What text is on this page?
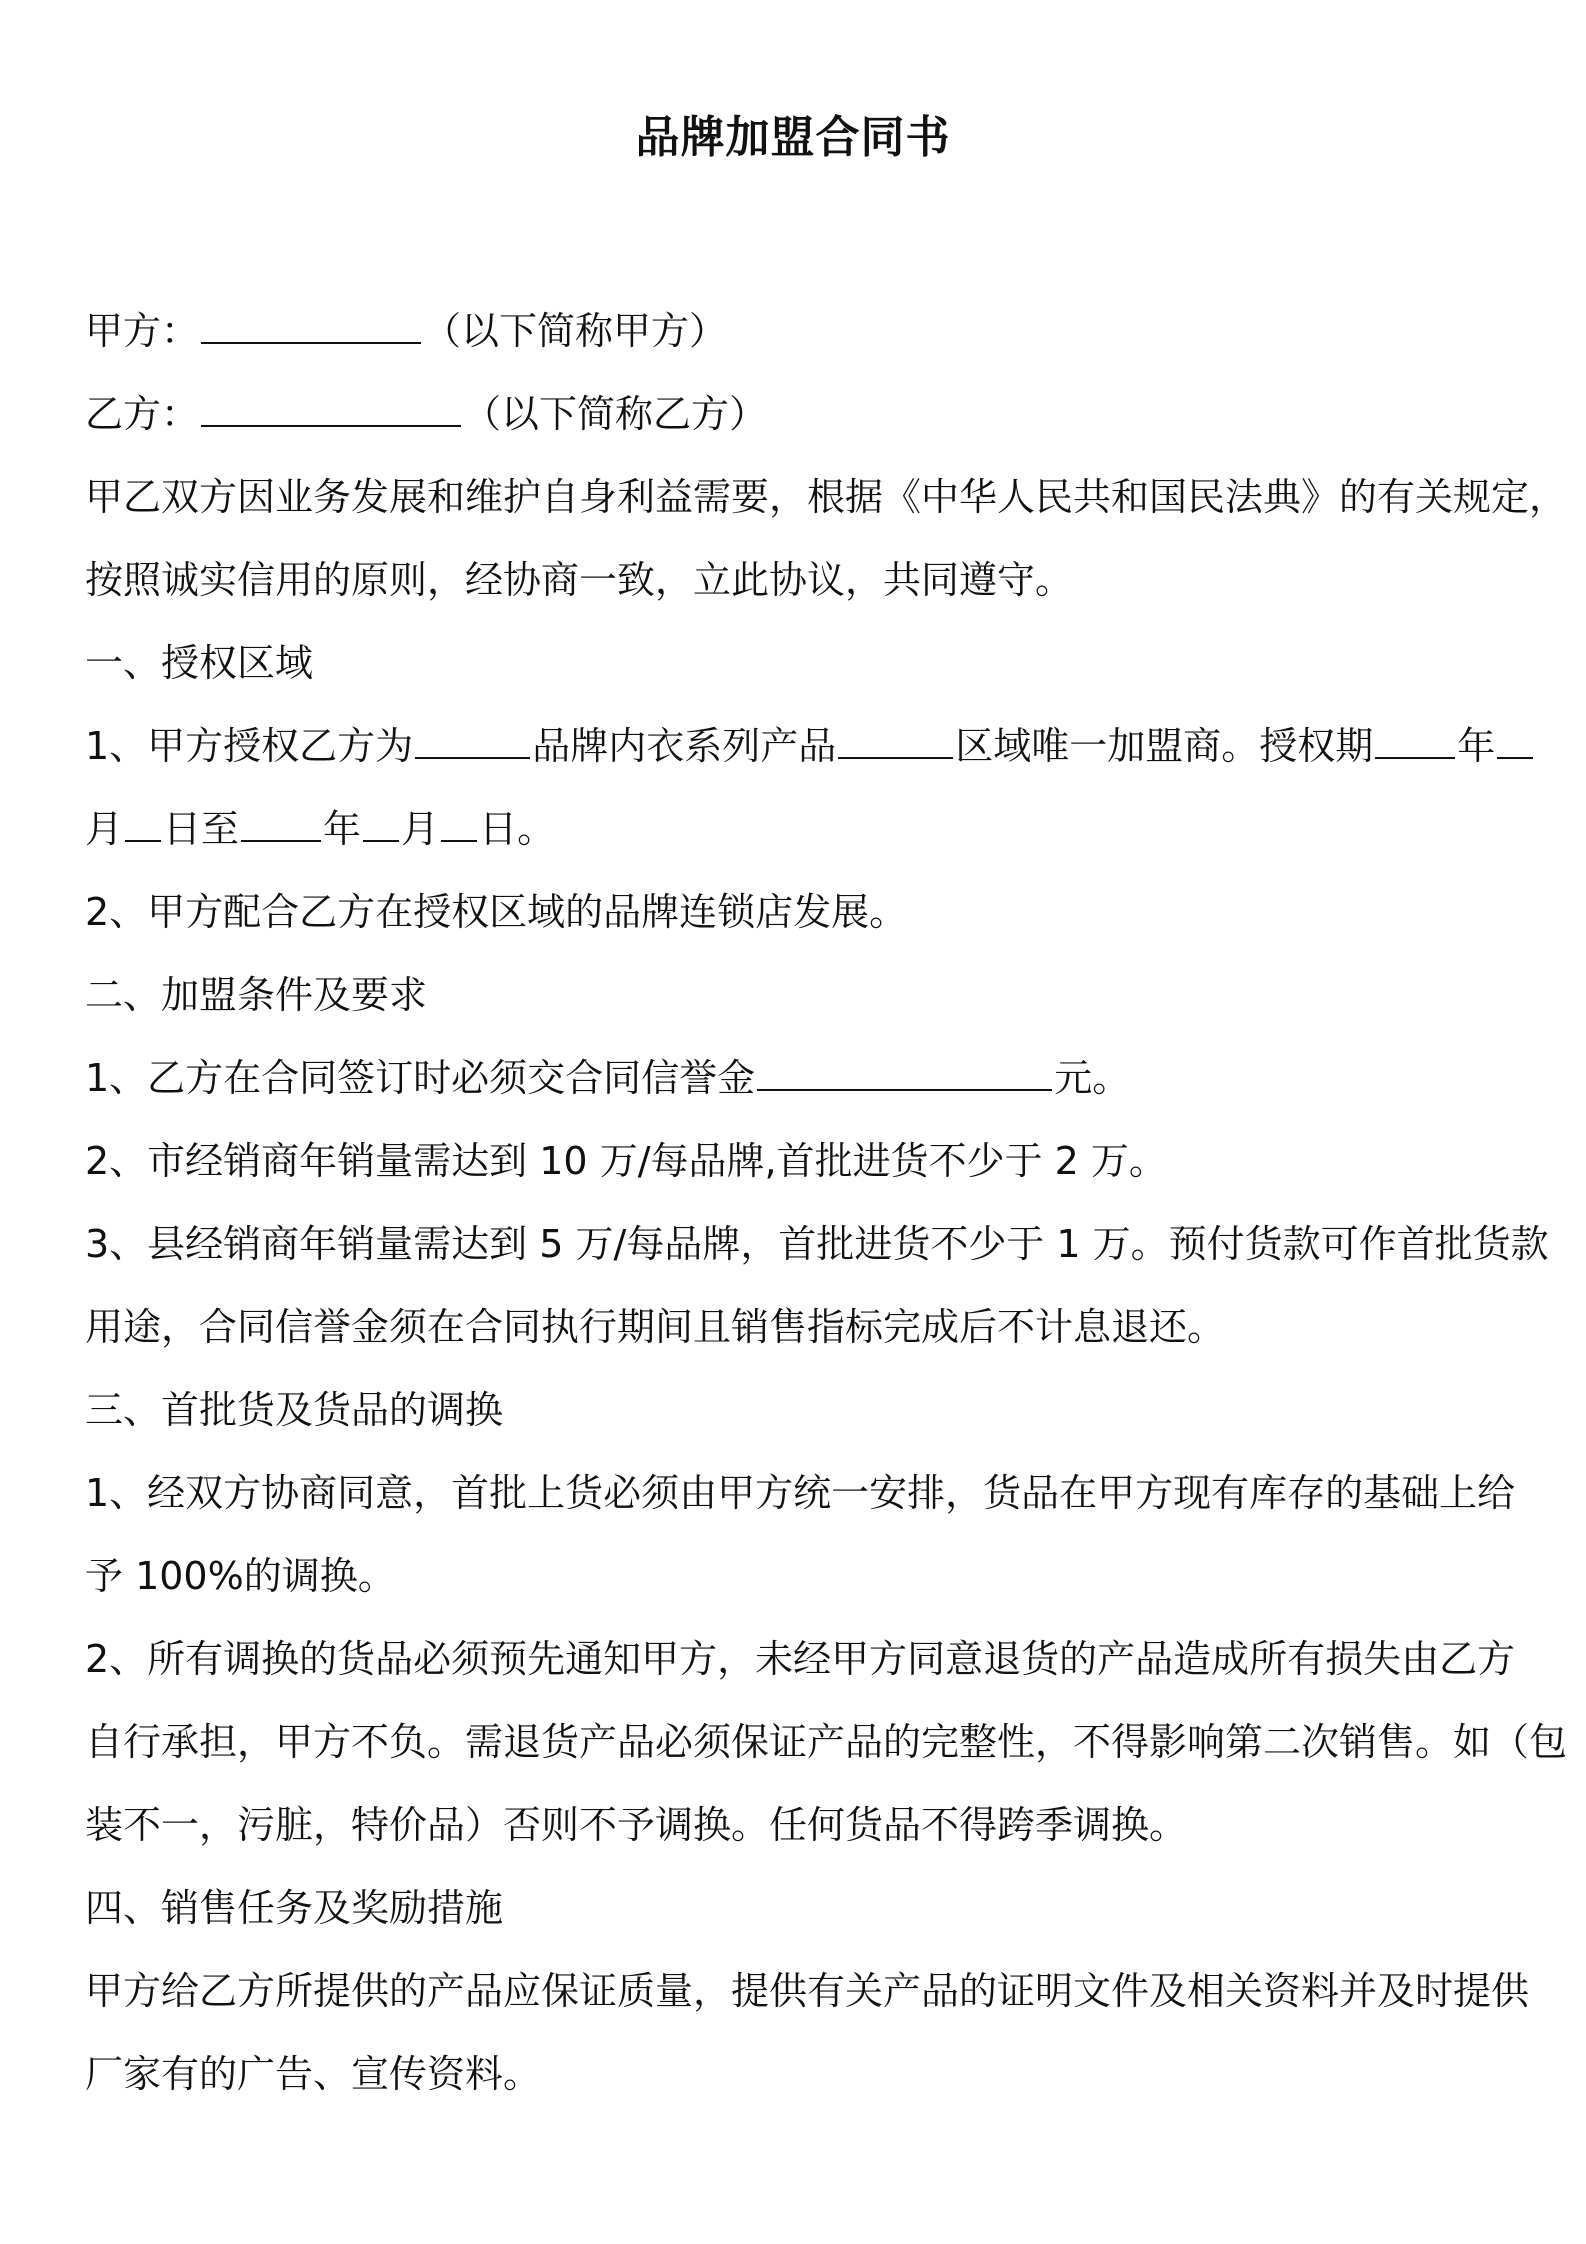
品牌加盟合同书
甲方：	（以下简称甲方）
乙方：	（以下简称乙方）
甲乙双方因业务发展和维护自身利益需要，根据《中华人民共和国民法典》的有关规定，
按照诚实信用的原则，经协商一致，立此协议，共同遵守。
一、授权区域
1、甲方授权乙方为	品牌内衣系列产品	区域唯一加盟商。授权期 年
月 日至 年 月 日。
2、甲方配合乙方在授权区域的品牌连锁店发展。
二、加盟条件及要求
1、乙方在合同签订时必须交合同信誉金	元。
2、市经销商年销量需达到 10 万/每品牌,首批进货不少于 2 万。
3、县经销商年销量需达到 5 万/每品牌，首批进货不少于 1 万。预付货款可作首批货款
用途，合同信誉金须在合同执行期间且销售指标完成后不计息退还。
三、首批货及货品的调换
1、经双方协商同意，首批上货必须由甲方统一安排，货品在甲方现有库存的基础上给
予 100%的调换。
2、所有调换的货品必须预先通知甲方，未经甲方同意退货的产品造成所有损失由乙方
自行承担，甲方不负。需退货产品必须保证产品的完整性，不得影响第二次销售。如（包
装不一，污脏，特价品）否则不予调换。任何货品不得跨季调换。
四、销售任务及奖励措施
甲方给乙方所提供的产品应保证质量，提供有关产品的证明文件及相关资料并及时提供
厂家有的广告、宣传资料。
